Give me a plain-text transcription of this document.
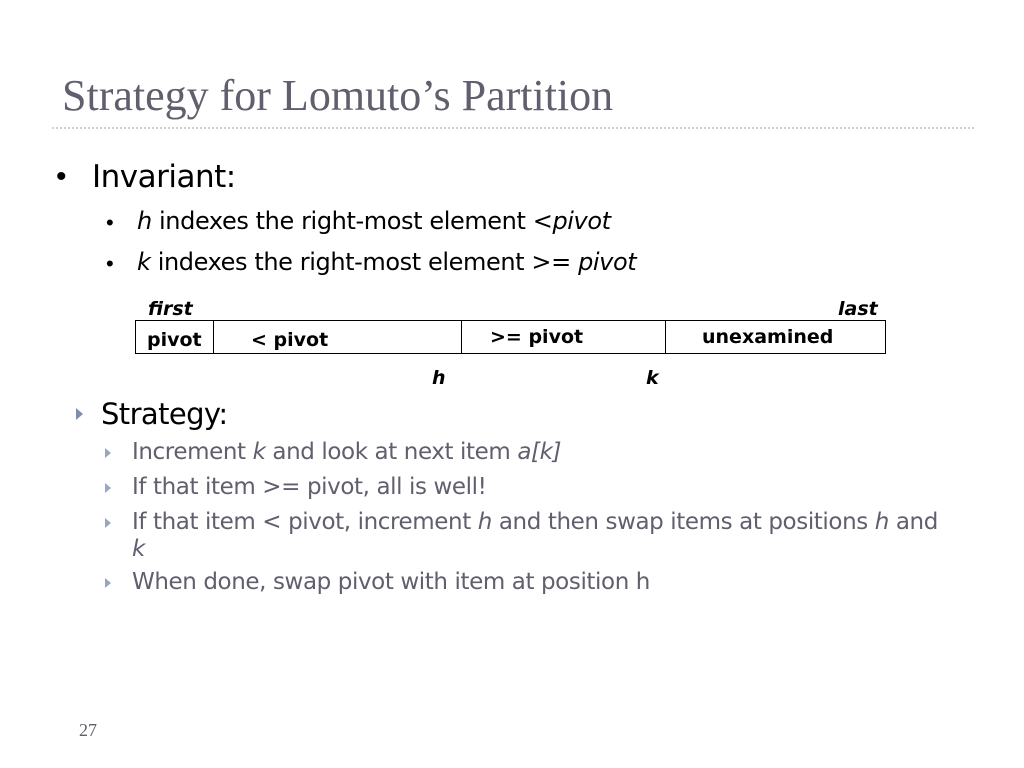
Strategy for Lomuto’s Partition
• Invariant:
• h indexes the right-most element <pivot
• k indexes the right-most element >= pivot
first	last
pivot	< pivot	>= pivot	unexamined
h	k
Strategy:
Increment k and look at next item a[k]
If that item >= pivot, all is well!
If that item < pivot, increment h and then swap items at positions h and
k
When done, swap pivot with item at position h
27
